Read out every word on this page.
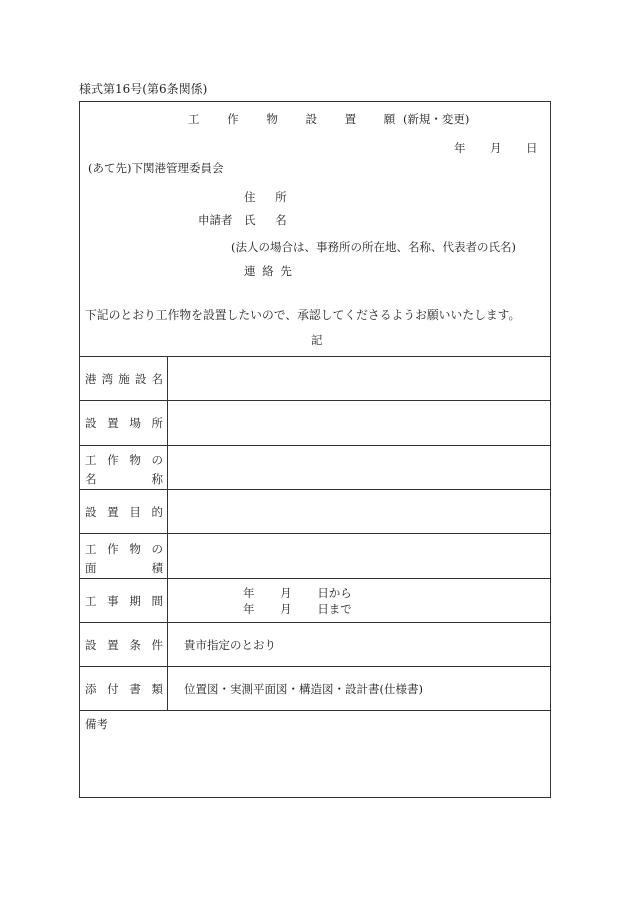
様式第16号(第6条関係)
工 作 物 設 置 願 (新規・変更)
年 月 日
(あて先)下関港管理委員会
住 所
申請者 氏 名
(法人の場合は、事務所の所在地、名称、代表者の氏名)
連 絡 先
下記のとおり工作物を設置したいので、承認してくださるようお願いいたします。
記
港 湾 施 設 名
設 置 場 所
工 作 物 の
名	称
設 置 目 的
工 作 物 の
面	積
工 事 期 間
年 月 日から
年 月 日まで
設 置 条 件 貴市指定のとおり
添 付 書 類 位置図・実測平面図・構造図・設計書(仕様書)
備考
